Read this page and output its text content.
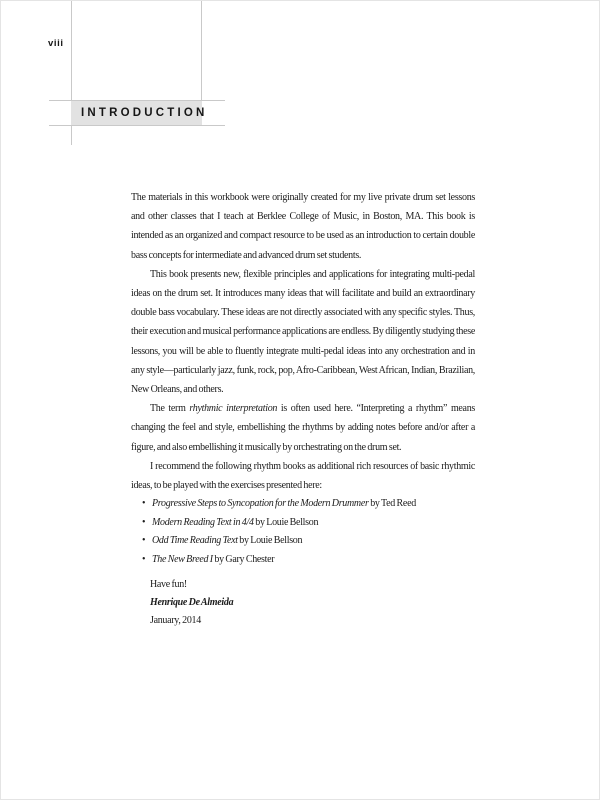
viii
INTRODUCTION

The materials in this workbook were originally created for my live private drum set lessons and other classes that I teach at Berklee College of Music, in Boston, MA. This book is intended as an organized and compact resource to be used as an introduction to certain double bass concepts for intermediate and advanced drum set students.

This book presents new, flexible principles and applications for integrating multi-pedal ideas on the drum set. It introduces many ideas that will facilitate and build an extraordinary double bass vocabulary. These ideas are not directly associated with any specific styles. Thus, their execution and musical performance applications are endless. By diligently studying these lessons, you will be able to fluently integrate multi-pedal ideas into any orchestration and in any style—particularly jazz, funk, rock, pop, Afro-Caribbean, West African, Indian, Brazilian, New Orleans, and others.

The term rhythmic interpretation is often used here. “Interpreting a rhythm” means changing the feel and style, embellishing the rhythms by adding notes before and/or after a figure, and also embellishing it musically by orchestrating on the drum set.

I recommend the following rhythm books as additional rich resources of basic rhythmic ideas, to be played with the exercises presented here:

• Progressive Steps to Syncopation for the Modern Drummer by Ted Reed
• Modern Reading Text in 4/4 by Louie Bellson
• Odd Time Reading Text by Louie Bellson
• The New Breed I by Gary Chester
Have fun!
Henrique De Almeida
January, 2014
